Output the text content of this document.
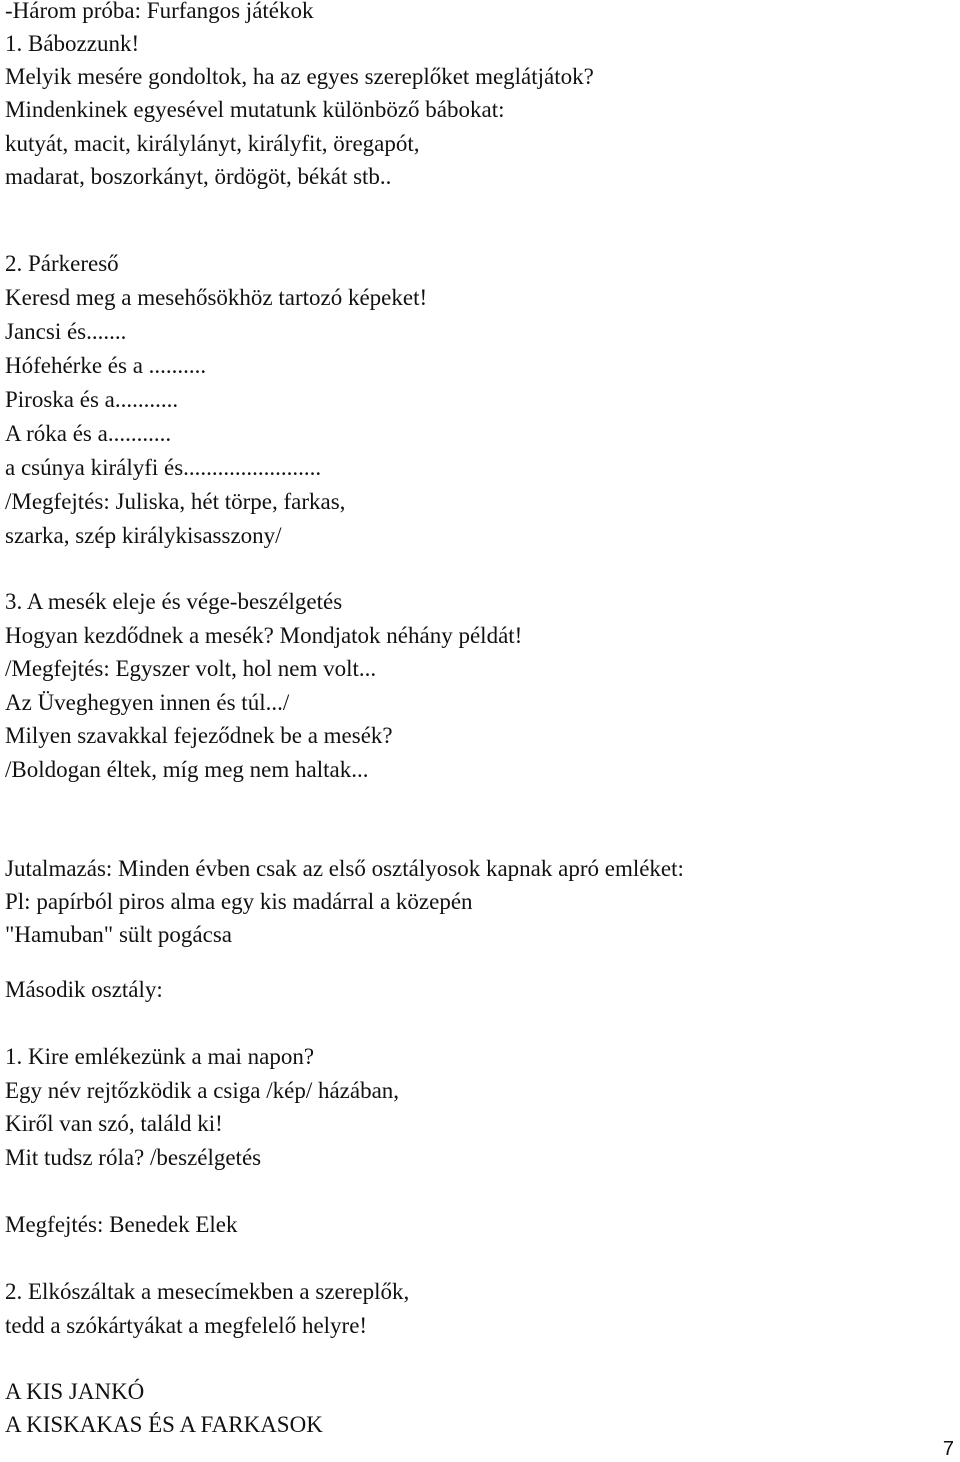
-Három próba: Furfangos játékok
1. Bábozzunk!
Melyik mesére gondoltok, ha az egyes szereplőket meglátjátok?
Mindenkinek egyesével mutatunk különböző bábokat:
kutyát, macit, királylányt, királyfit, öregapót,
madarat, boszorkányt, ördögöt, békát stb..
2. Párkereső
Keresd meg a mesehősökhöz tartozó képeket!
Jancsi és.......
Hófehérke és a ..........
Piroska és a...........
A róka és a...........
a csúnya királyfi és........................
/Megfejtés: Juliska, hét törpe, farkas,
szarka, szép királykisasszony/
3. A mesék eleje és vége-beszélgetés
Hogyan kezdődnek a mesék? Mondjatok néhány példát!
/Megfejtés: Egyszer volt, hol nem volt...
Az Üveghegyen innen és túl.../
Milyen szavakkal fejeződnek be a mesék?
/Boldogan éltek, míg meg nem haltak...
Jutalmazás: Minden évben csak az első osztályosok kapnak apró emléket:
Pl: papírból piros alma egy kis madárral a közepén
"Hamuban" sült pogácsa
Második osztály:
1. Kire emlékezünk a mai napon?
Egy név rejtőzködik a csiga /kép/ házában,
Kiről van szó, találd ki!
Mit tudsz róla? /beszélgetés
Megfejtés: Benedek Elek
2. Elkószáltak a mesecímekben a szereplők,
tedd a szókártyákat a megfelelő helyre!
A KIS JANKÓ
A KISKAKAS ÉS A FARKASOK
7
